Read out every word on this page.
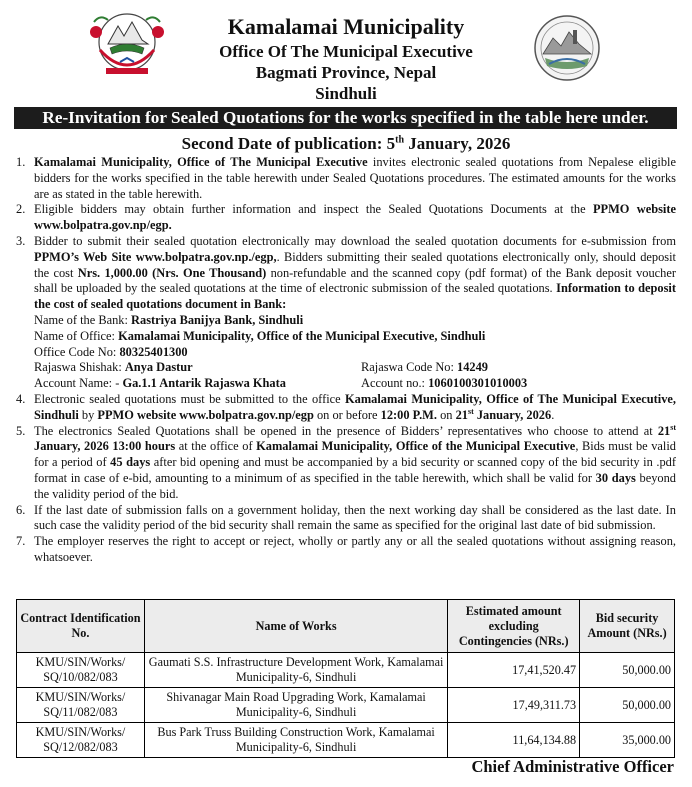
Kamalamai Municipality
Office Of The Municipal Executive
Bagmati Province, Nepal
Sindhuli
Re-Invitation for Sealed Quotations for the works specified in the table here under.
Second Date of publication: 5th January, 2026
1. Kamalamai Municipality, Office of The Municipal Executive invites electronic sealed quotations from Nepalese eligible bidders for the works specified in the table herewith under Sealed Quotations procedures. The estimated amounts for the works are as stated in the table herewith.
2. Eligible bidders may obtain further information and inspect the Sealed Quotations Documents at the PPMO website www.bolpatra.gov.np/egp.
3. Bidder to submit their sealed quotation electronically may download the sealed quotation documents for e-submission from PPMO’s Web Site www.bolpatra.gov.np./egp,. Bidders submitting their sealed quotations electronically only, should deposit the cost Nrs. 1,000.00 (Nrs. One Thousand) non-refundable and the scanned copy (pdf format) of the Bank deposit voucher shall be uploaded by the sealed quotations at the time of electronic submission of the sealed quotations. Information to deposit the cost of sealed quotations document in Bank:
Name of the Bank: Rastriya Banijya Bank, Sindhuli
Name of Office: Kamalamai Municipality, Office of the Municipal Executive, Sindhuli
Office Code No: 80325401300
Rajaswa Shishak: Anya Dastur	Rajaswa Code No: 14249
Account Name: - Ga.1.1 Antarik Rajaswa Khata	Account no.: 1060100301010003
4. Electronic sealed quotations must be submitted to the office Kamalamai Municipality, Office of The Municipal Executive, Sindhuli by PPMO website www.bolpatra.gov.np/egp on or before 12:00 P.M. on 21st January, 2026.
5. The electronics Sealed Quotations shall be opened in the presence of Bidders’ representatives who choose to attend at 21st January, 2026 13:00 hours at the office of Kamalamai Municipality, Office of the Municipal Executive, Bids must be valid for a period of 45 days after bid opening and must be accompanied by a bid security or scanned copy of the bid security in .pdf format in case of e-bid, amounting to a minimum of as specified in the table herewith, which shall be valid for 30 days beyond the validity period of the bid.
6. If the last date of submission falls on a government holiday, then the next working day shall be considered as the last date. In such case the validity period of the bid security shall remain the same as specified for the original last date of bid submission.
7. The employer reserves the right to accept or reject, wholly or partly any or all the sealed quotations without assigning reason, whatsoever.
Contract Identification No.	Name of Works	Estimated amount excluding Contingencies (NRs.)	Bid security Amount (NRs.)
KMU/SIN/Works/ SQ/10/082/083	Gaumati S.S. Infrastructure Development Work, Kamalamai Municipality-6, Sindhuli	17,41,520.47	50,000.00
KMU/SIN/Works/ SQ/11/082/083	Shivanagar Main Road Upgrading Work, Kamalamai Municipality-6, Sindhuli	17,49,311.73	50,000.00
KMU/SIN/Works/ SQ/12/082/083	Bus Park Truss Building Construction Work, Kamalamai Municipality-6, Sindhuli	11,64,134.88	35,000.00
Chief Administrative Officer
